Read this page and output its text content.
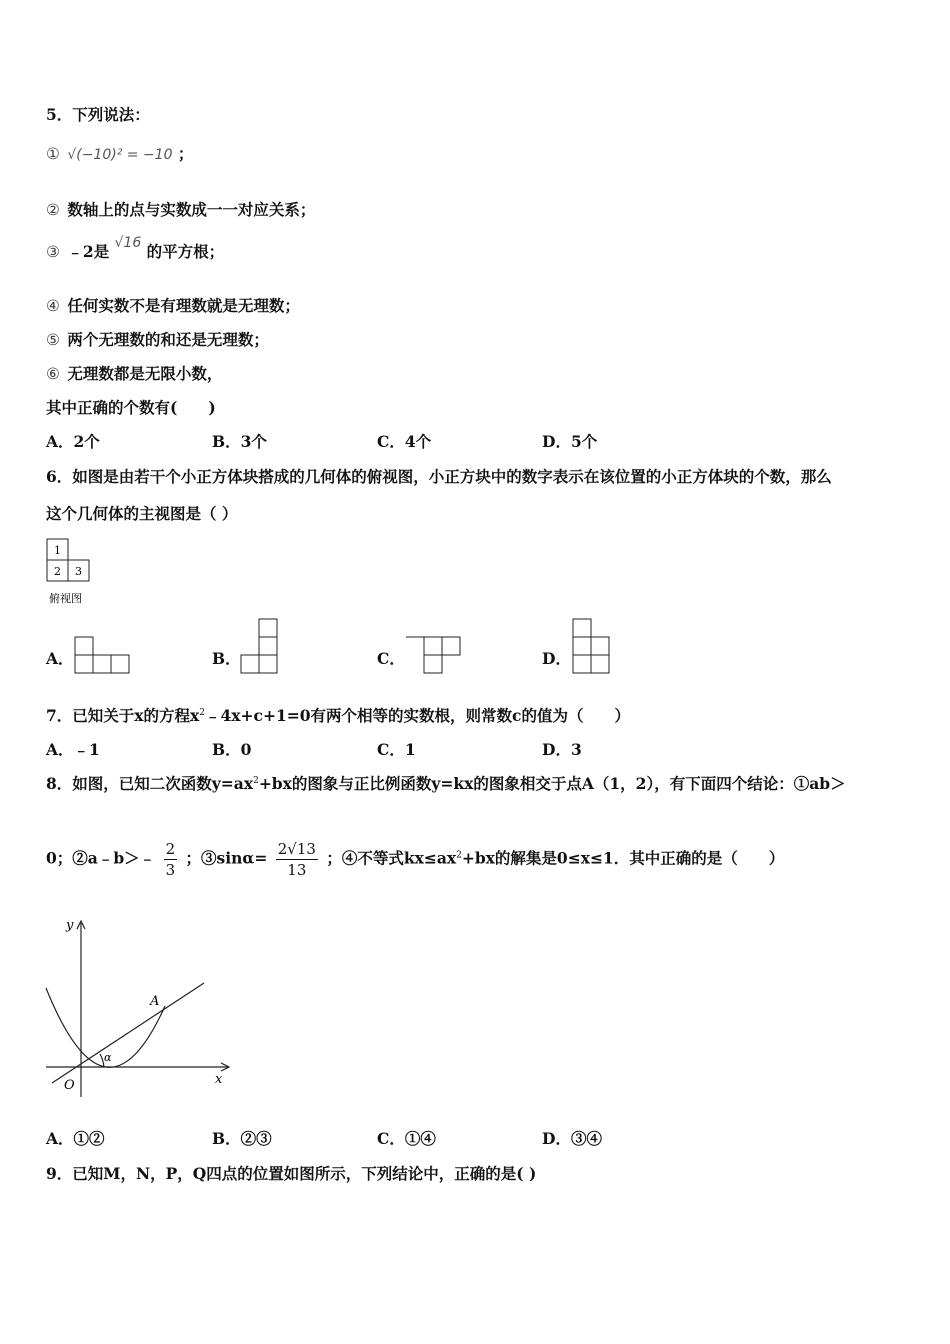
5．下列说法：
① √(−10)² = −10 ；
② 数轴上的点与实数成一一对应关系；
③ ﹣2是 √16 的平方根；
④ 任何实数不是有理数就是无理数；
⑤ 两个无理数的和还是无理数；
⑥ 无理数都是无限小数，
其中正确的个数有(　　)
A．2个	B．3个	C．4个	D．5个
6．如图是由若干个小正方体块搭成的几何体的俯视图，小正方块中的数字表示在该位置的小正方体块的个数，那么
这个几何体的主视图是（ ）
1
2 3
俯视图
A．	B．	C．	D．
7．已知关于x的方程$x^2﹣4x+c+1=0$有两个相等的实数根，则常数c的值为（　　）
A．﹣1	B．0	C．1	D．3
8．如图，已知二次函数$y=ax^2+bx$的图象与正比例函数y=kx的图象相交于点A（1，2），有下面四个结论：①ab＞
0；②a﹣b＞﹣ $\frac{2}{3}$ ；③sinα= $\frac{2√13}{13}$ ；④不等式$kx\le ax^2+bx$的解集是0≤x≤1．其中正确的是（　　）
y
x
O
A
α
A．①②	B．②③	C．①④	D．③④
9．已知M，N，P，Q四点的位置如图所示，下列结论中，正确的是( )
